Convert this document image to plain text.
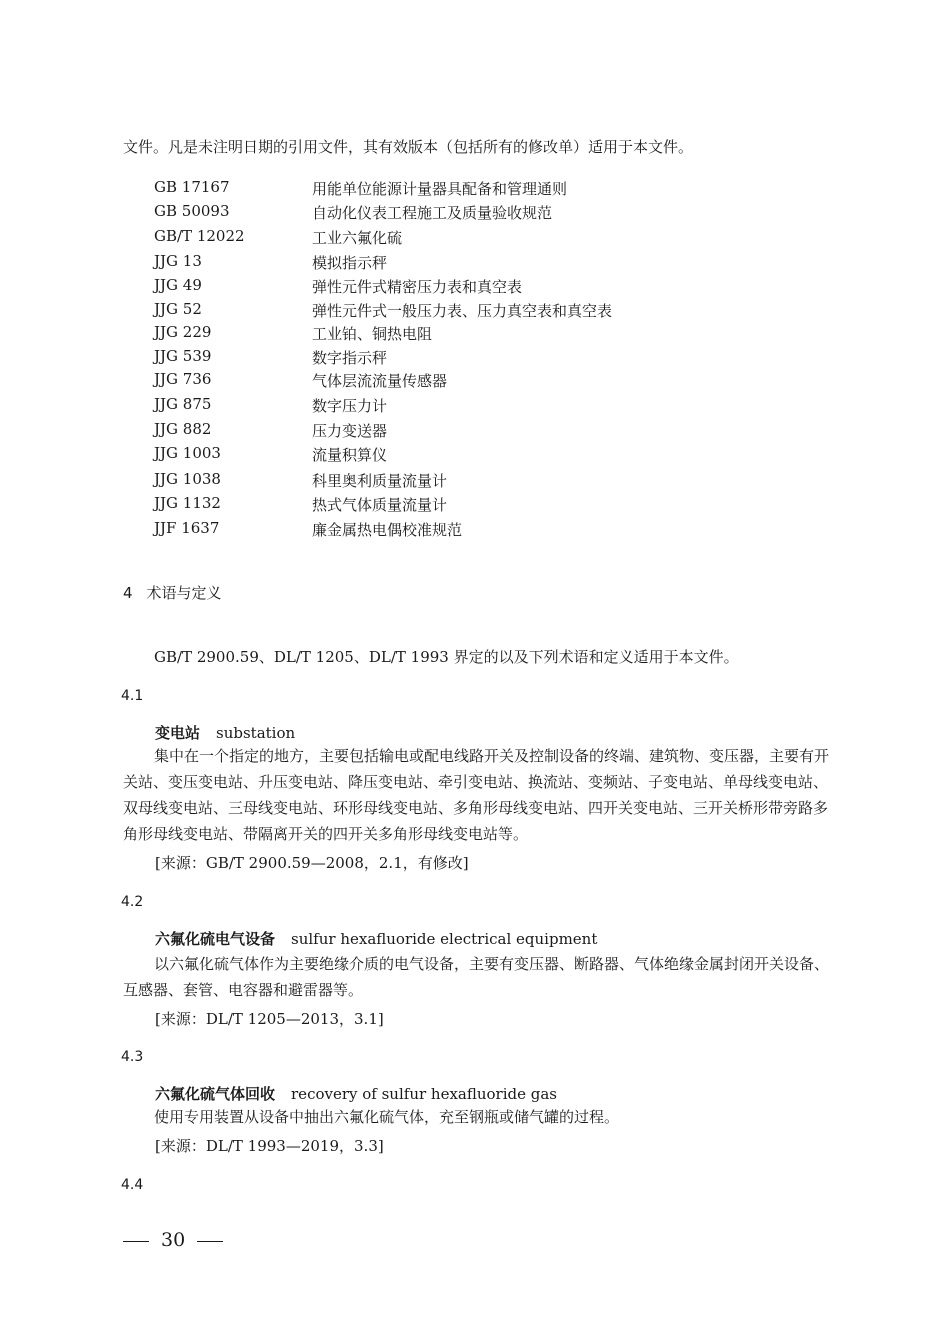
文件。凡是未注明日期的引用文件，其有效版本（包括所有的修改单）适用于本文件。
GB 17167	用能单位能源计量器具配备和管理通则
GB 50093	自动化仪表工程施工及质量验收规范
GB/T 12022	工业六氟化硫
JJG 13	模拟指示秤
JJG 49	弹性元件式精密压力表和真空表
JJG 52	弹性元件式一般压力表、压力真空表和真空表
JJG 229	工业铂、铜热电阻
JJG 539	数字指示秤
JJG 736	气体层流流量传感器
JJG 875	数字压力计
JJG 882	压力变送器
JJG 1003	流量积算仪
JJG 1038	科里奥利质量流量计
JJG 1132	热式气体质量流量计
JJF 1637	廉金属热电偶校准规范
4 术语与定义
GB/T 2900.59、DL/T 1205、DL/T 1993 界定的以及下列术语和定义适用于本文件。
4.1
变电站 substation
集中在一个指定的地方，主要包括输电或配电线路开关及控制设备的终端、建筑物、变压器，主要有开关站、变压变电站、升压变电站、降压变电站、牵引变电站、换流站、变频站、子变电站、单母线变电站、双母线变电站、三母线变电站、环形母线变电站、多角形母线变电站、四开关变电站、三开关桥形带旁路多角形母线变电站、带隔离开关的四开关多角形母线变电站等。
[来源：GB/T 2900.59—2008，2.1，有修改]
4.2
六氟化硫电气设备 sulfur hexafluoride electrical equipment
以六氟化硫气体作为主要绝缘介质的电气设备，主要有变压器、断路器、气体绝缘金属封闭开关设备、互感器、套管、电容器和避雷器等。
[来源：DL/T 1205—2013，3.1]
4.3
六氟化硫气体回收 recovery of sulfur hexafluoride gas
使用专用装置从设备中抽出六氟化硫气体，充至钢瓶或储气罐的过程。
[来源：DL/T 1993—2019，3.3]
4.4
30
